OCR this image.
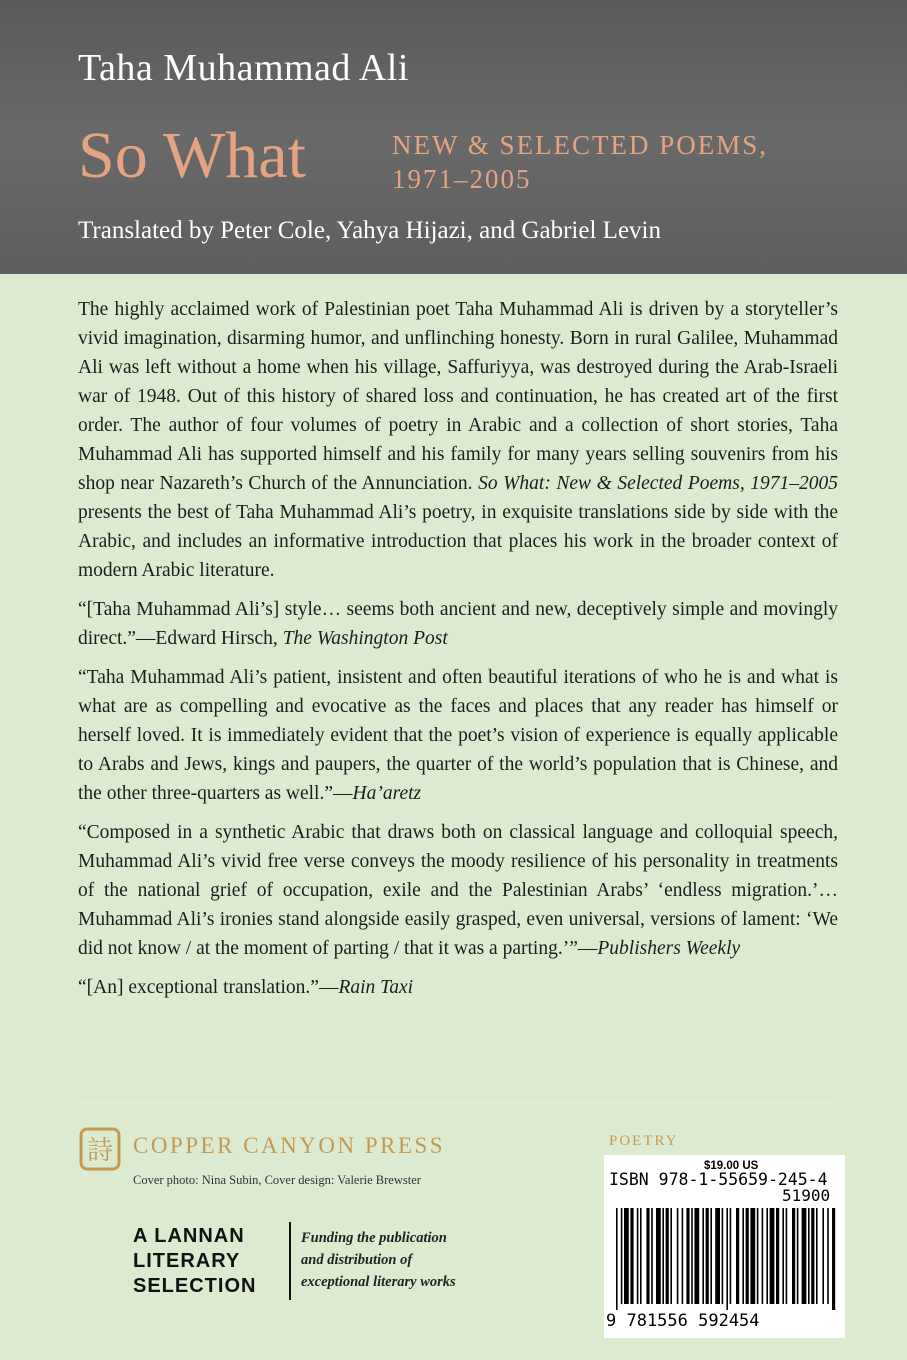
Taha Muhammad Ali
So What	NEW & SELECTED POEMS,
1971–2005
Translated by Peter Cole, Yahya Hijazi, and Gabriel Levin

The highly acclaimed work of Palestinian poet Taha Muhammad Ali is driven by a storyteller’s vivid imagination, disarming humor, and unflinching honesty. Born in rural Galilee, Muhammad Ali was left without a home when his village, Saffuriyya, was destroyed during the Arab-Israeli war of 1948. Out of this history of shared loss and continuation, he has created art of the first order. The author of four volumes of poetry in Arabic and a collection of short stories, Taha Muhammad Ali has supported himself and his family for many years selling souvenirs from his shop near Nazareth’s Church of the Annunciation. So What: New & Selected Poems, 1971–2005 presents the best of Taha Muhammad Ali’s poetry, in exquisite translations side by side with the Arabic, and includes an informative introduction that places his work in the broader context of modern Arabic literature.

“[Taha Muhammad Ali’s] style… seems both ancient and new, deceptively simple and movingly direct.”—Edward Hirsch, The Washington Post

“Taha Muhammad Ali’s patient, insistent and often beautiful iterations of who he is and what is what are as compelling and evocative as the faces and places that any reader has himself or herself loved. It is immediately evident that the poet’s vision of experience is equally applicable to Arabs and Jews, kings and paupers, the quarter of the world’s population that is Chinese, and the other three-quarters as well.”—Ha’aretz

“Composed in a synthetic Arabic that draws both on classical language and colloquial speech, Muhammad Ali’s vivid free verse conveys the moody resilience of his personality in treatments of the national grief of occupation, exile and the Palestinian Arabs’ ‘endless migration.’… Muhammad Ali’s ironies stand alongside easily grasped, even universal, versions of lament: ‘We did not know / at the moment of parting / that it was a parting.’”—Publishers Weekly

“[An] exceptional translation.”—Rain Taxi

詩 COPPER CANYON PRESS
Cover photo: Nina Subin, Cover design: Valerie Brewster
A LANNAN
LITERARY
SELECTION
Funding the publication
and distribution of
exceptional literary works
POETRY
$19.00 US
ISBN 978-1-55659-245-4
51900
9 781556 592454
